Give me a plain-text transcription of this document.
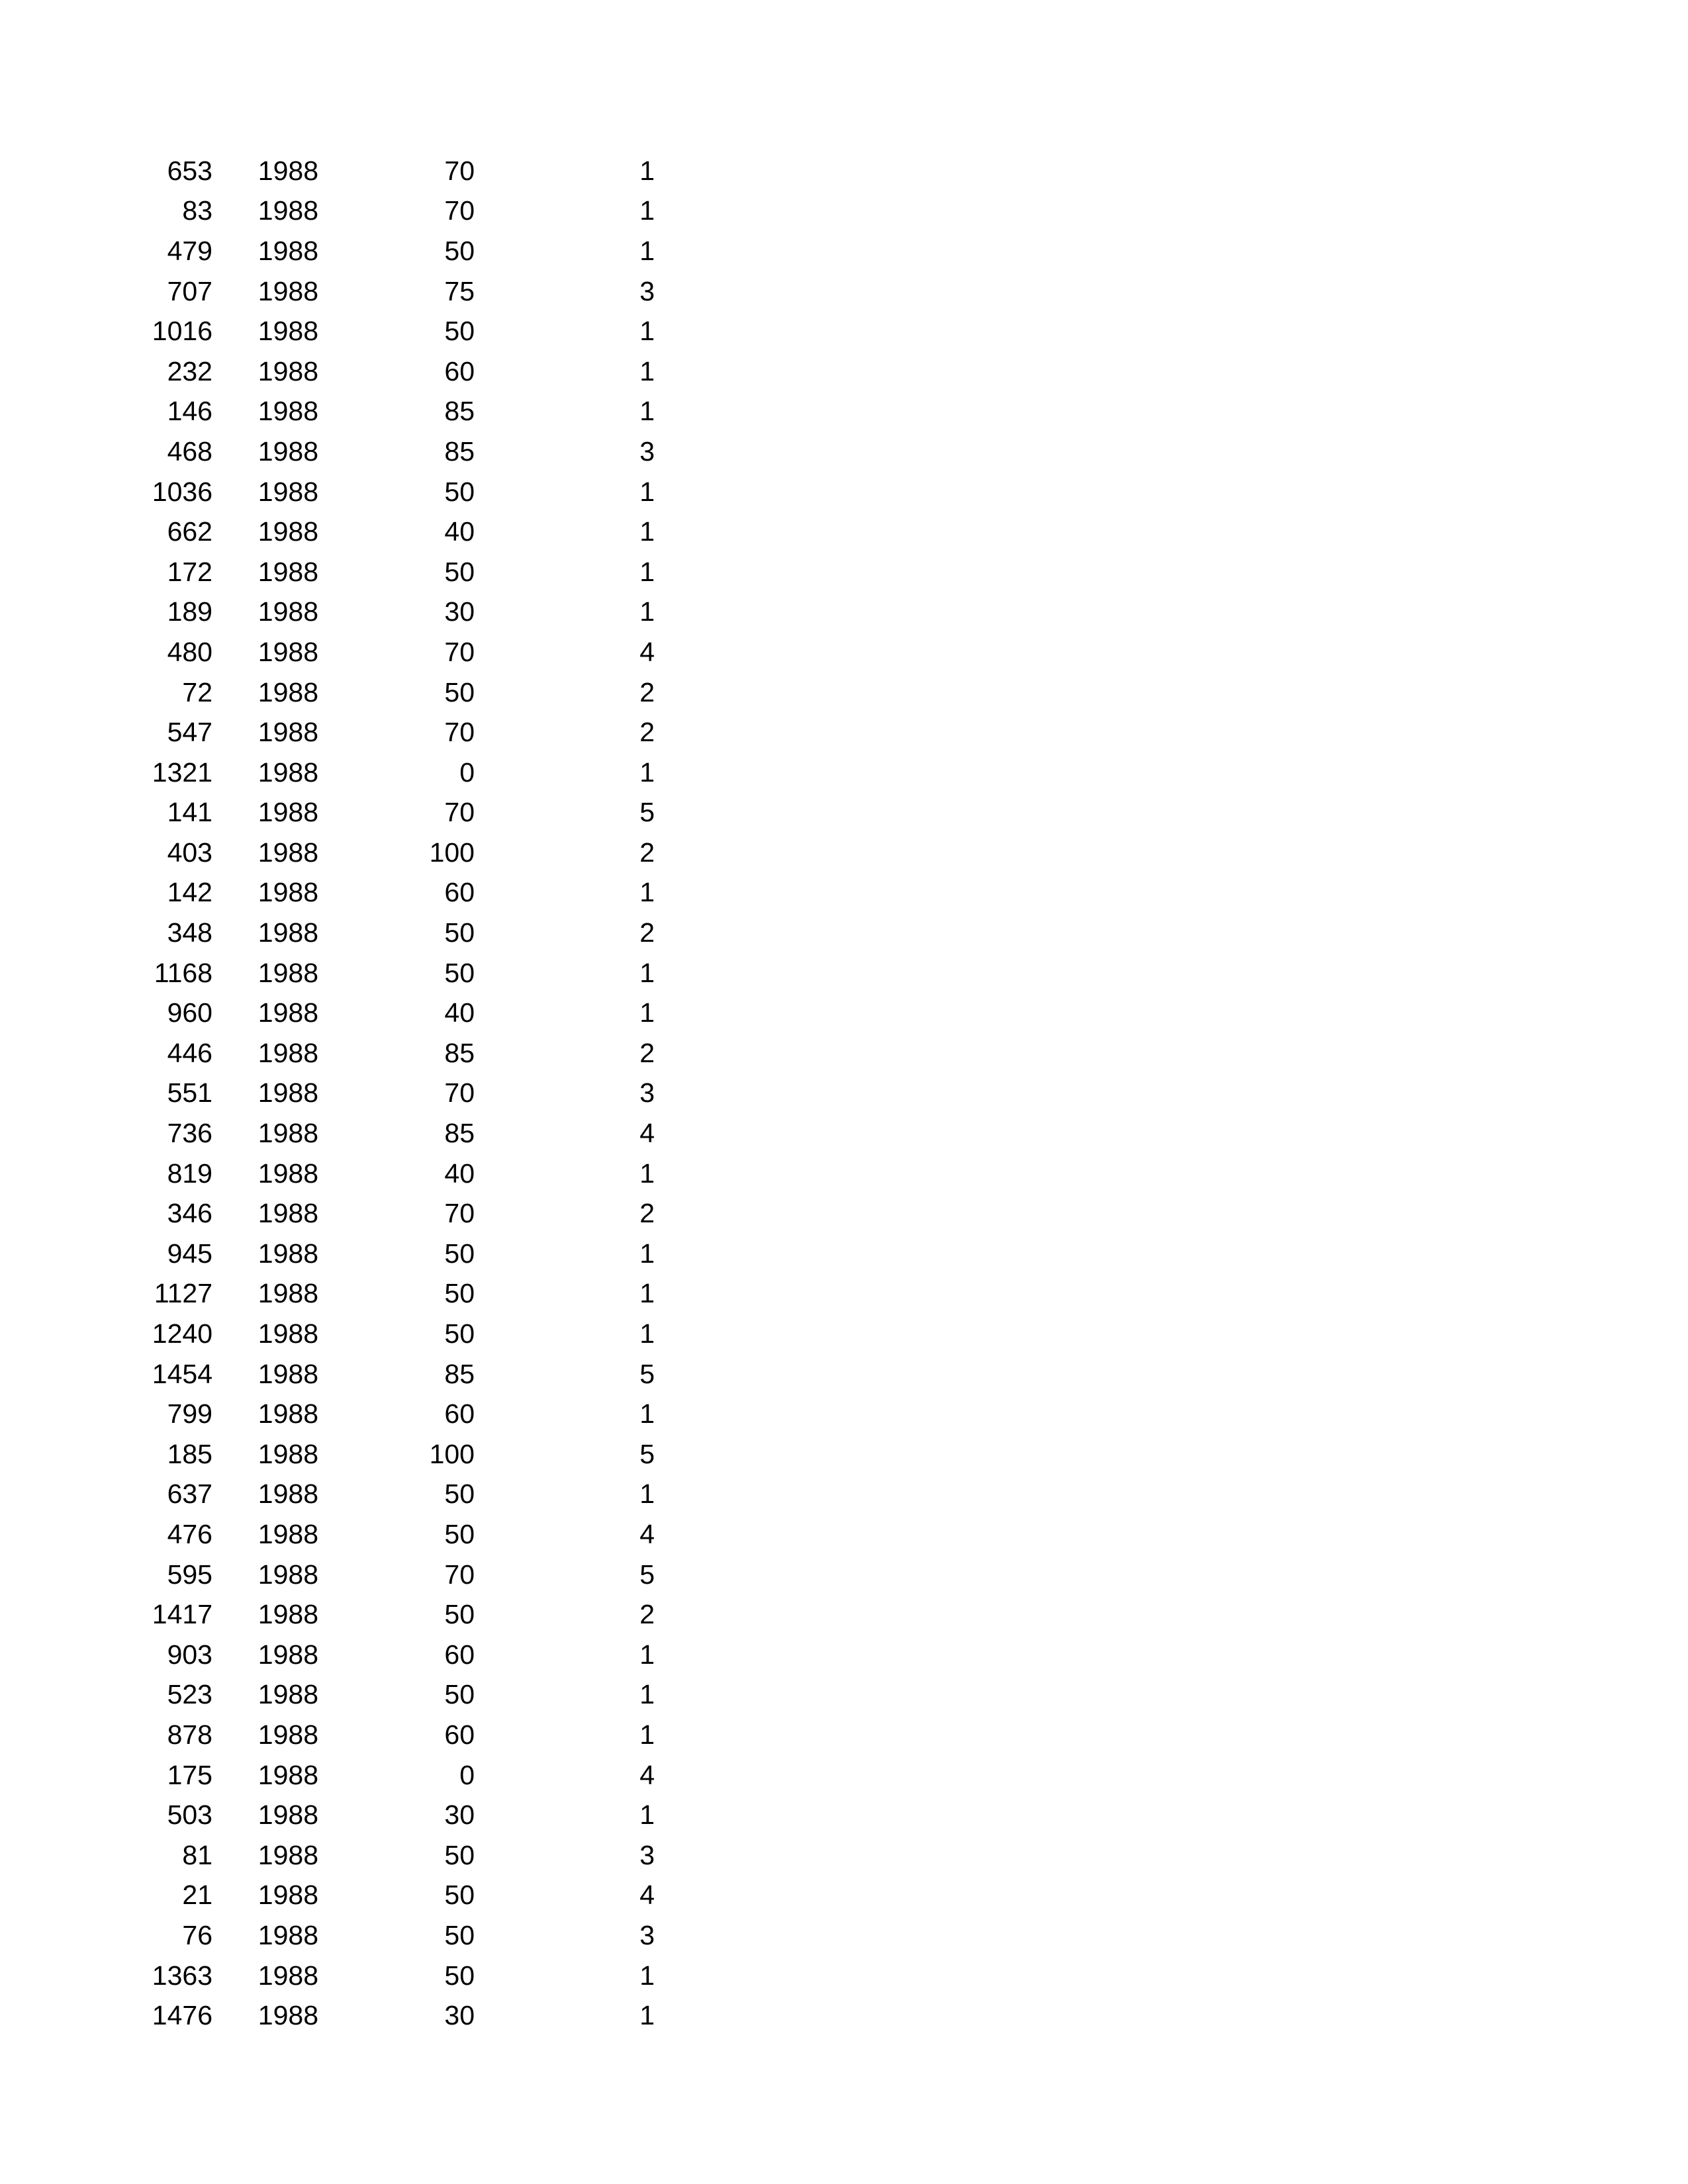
653	1988	70	1
83	1988	70	1
479	1988	50	1
707	1988	75	3
1016	1988	50	1
232	1988	60	1
146	1988	85	1
468	1988	85	3
1036	1988	50	1
662	1988	40	1
172	1988	50	1
189	1988	30	1
480	1988	70	4
72	1988	50	2
547	1988	70	2
1321	1988	0	1
141	1988	70	5
403	1988	100	2
142	1988	60	1
348	1988	50	2
1168	1988	50	1
960	1988	40	1
446	1988	85	2
551	1988	70	3
736	1988	85	4
819	1988	40	1
346	1988	70	2
945	1988	50	1
1127	1988	50	1
1240	1988	50	1
1454	1988	85	5
799	1988	60	1
185	1988	100	5
637	1988	50	1
476	1988	50	4
595	1988	70	5
1417	1988	50	2
903	1988	60	1
523	1988	50	1
878	1988	60	1
175	1988	0	4
503	1988	30	1
81	1988	50	3
21	1988	50	4
76	1988	50	3
1363	1988	50	1
1476	1988	30	1
